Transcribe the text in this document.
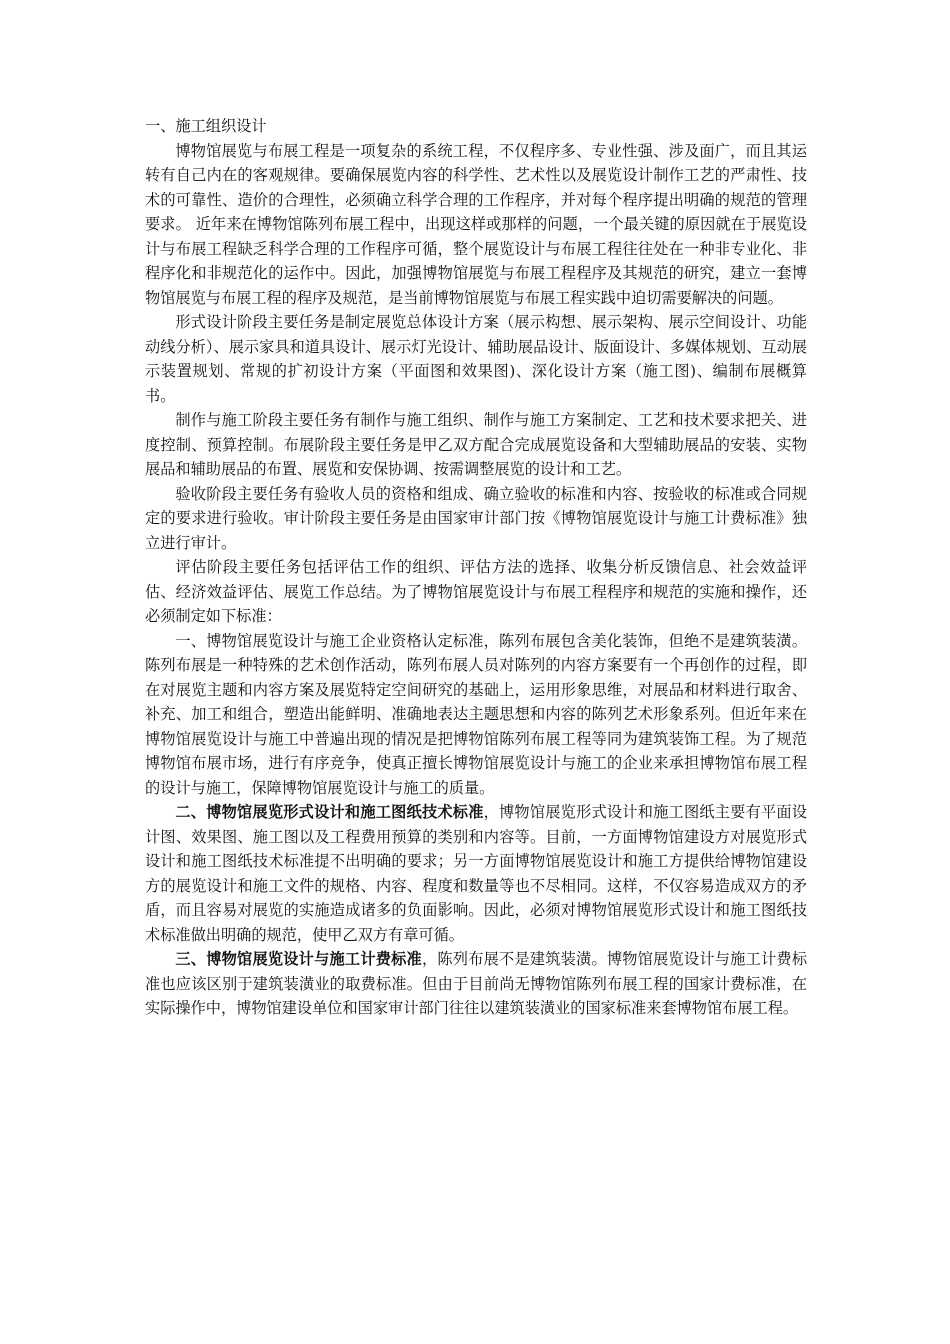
一、施工组织设计

博物馆展览与布展工程是一项复杂的系统工程，不仅程序多、专业性强、涉及面广，而且其运转有自己内在的客观规律。要确保展览内容的科学性、艺术性以及展览设计制作工艺的严肃性、技术的可靠性、造价的合理性，必须确立科学合理的工作程序，并对每个程序提出明确的规范的管理要求。 近年来在博物馆陈列布展工程中，出现这样或那样的问题，一个最关键的原因就在于展览设计与布展工程缺乏科学合理的工作程序可循，整个展览设计与布展工程往往处在一种非专业化、非程序化和非规范化的运作中。因此，加强博物馆展览与布展工程程序及其规范的研究，建立一套博物馆展览与布展工程的程序及规范，是当前博物馆展览与布展工程实践中迫切需要解决的问题。

形式设计阶段主要任务是制定展览总体设计方案（展示构想、展示架构、展示空间设计、功能动线分析）、展示家具和道具设计、展示灯光设计、辅助展品设计、版面设计、多媒体规划、互动展示装置规划、常规的扩初设计方案（平面图和效果图)、深化设计方案（施工图)、编制布展概算书。

制作与施工阶段主要任务有制作与施工组织、制作与施工方案制定、工艺和技术要求把关、进度控制、预算控制。布展阶段主要任务是甲乙双方配合完成展览设备和大型辅助展品的安装、实物展品和辅助展品的布置、展览和安保协调、按需调整展览的设计和工艺。

验收阶段主要任务有验收人员的资格和组成、确立验收的标准和内容、按验收的标准或合同规定的要求进行验收。审计阶段主要任务是由国家审计部门按《博物馆展览设计与施工计费标准》独立进行审计。

评估阶段主要任务包括评估工作的组织、评估方法的选择、收集分析反馈信息、社会效益评估、经济效益评估、展览工作总结。为了博物馆展览设计与布展工程程序和规范的实施和操作，还必须制定如下标准：

一、博物馆展览设计与施工企业资格认定标准，陈列布展包含美化装饰，但绝不是建筑装潢。陈列布展是一种特殊的艺术创作活动，陈列布展人员对陈列的内容方案要有一个再创作的过程，即在对展览主题和内容方案及展览特定空间研究的基础上，运用形象思维，对展品和材料进行取舍、补充、加工和组合，塑造出能鲜明、准确地表达主题思想和内容的陈列艺术形象系列。但近年来在博物馆展览设计与施工中普遍出现的情况是把博物馆陈列布展工程等同为建筑装饰工程。为了规范博物馆布展市场，进行有序竞争，使真正擅长博物馆展览设计与施工的企业来承担博物馆布展工程的设计与施工，保障博物馆展览设计与施工的质量。

二、博物馆展览形式设计和施工图纸技术标准，博物馆展览形式设计和施工图纸主要有平面设计图、效果图、施工图以及工程费用预算的类别和内容等。目前，一方面博物馆建设方对展览形式设计和施工图纸技术标准提不出明确的要求；另一方面博物馆展览设计和施工方提供给博物馆建设方的展览设计和施工文件的规格、内容、程度和数量等也不尽相同。这样，不仅容易造成双方的矛盾，而且容易对展览的实施造成诸多的负面影响。因此，必须对博物馆展览形式设计和施工图纸技术标准做出明确的规范，使甲乙双方有章可循。

三、博物馆展览设计与施工计费标准，陈列布展不是建筑装潢。博物馆展览设计与施工计费标准也应该区别于建筑装潢业的取费标准。但由于目前尚无博物馆陈列布展工程的国家计费标准，在实际操作中，博物馆建设单位和国家审计部门往往以建筑装潢业的国家标准来套博物馆布展工程。
